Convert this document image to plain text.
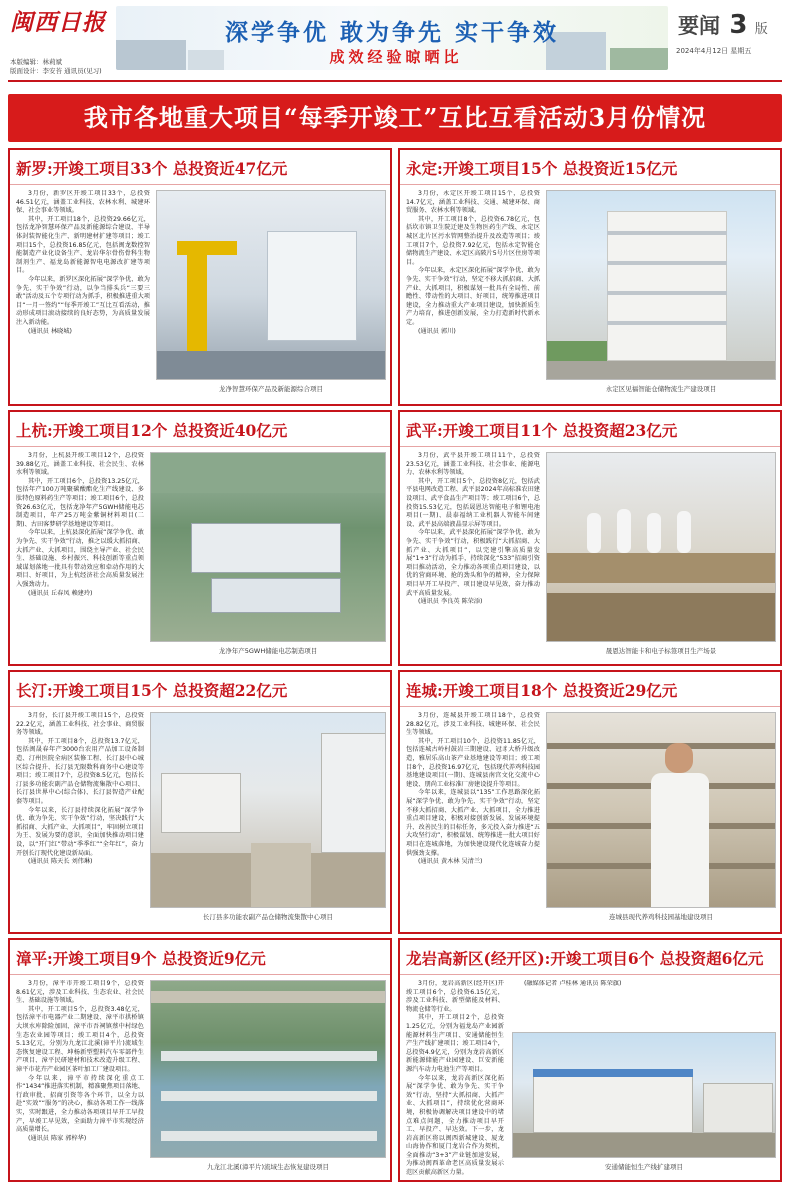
闽西日报
本版编辑：林莉斌
版面设计：李安苔 通讯员(见习)
深学争优 敢为争先 实干争效
成效经验晾晒比
要闻 3 版
2024年4月12日 星期五
我市各地重大项目“每季开竣工”互比互看活动3月份情况
新罗:开竣工项目33个 总投资近47亿元

3月份，新罗区开竣工项目33个，总投资46.51亿元，涵盖工业科技、农林水利、城建环保、社会事业等领域。

其中，开工项目18个，总投资29.66亿元，包括龙净智慧环保产品及新能源综合建设、半导体封装智能化生产、新明建材扩建等项目；竣工项目15个，总投资16.85亿元，包括闽龙数控智能制造产业化设备生产、龙岩华尔骨伤骨科生物制剂生产、福龙岛新能源智电电源改扩建等项目。

今年以来，新罗区深化拓展“深学争优、敢为争先、实干争效”行动，以争当排头兵“三要三敢”活动及五个专项行动为抓手，积极推进重大项目“一月一签约”“每季开竣工”互比互看活动，推动形成项目滚动接续的良好态势，为高质量发展注入新动能。

(通讯员 林晓城)

龙净智慧环保产品及新能源综合项目
永定:开竣工项目15个 总投资近15亿元

3月份，永定区开竣工项目15个，总投资14.7亿元，涵盖工业科技、交通、城建环保、商贸服务、农林水利等领域。

其中，开工项目8个，总投资6.78亿元，包括坎市镇卫生院迁建及生物医药生产线、永定区城区北片区污水管网整治提升及改造等项目；竣工项目7个，总投资7.92亿元，包括永定智能仓储物流生产建设、永定区高陂片5号片区住房等项目。

今年以来，永定区深化拓展“深学争优、敢为争先、实干争效”行动，坚定不移大抓招商、大抓产业、大抓项目，积极谋划一批具有全局性、前瞻性、带动性的大项目、好项目，统筹推进项目建设，全力推动重大产业项目建设，加快新质生产力培育，推进创新发展，全力打造新时代新永定。

(通讯员 郭川)

永定区见福智能仓储物流生产建设项目
上杭:开竣工项目12个 总投资近40亿元

3月份，上杭县开竣工项目12个，总投资39.88亿元，涵盖工业科技、社会民生、农林水利等领域。

其中，开工项目6个，总投资13.25亿元，包括年产100万吨聚碳酸酯化生产线建设、多肽特色原料药生产等项目；竣工项目6个，总投资26.63亿元，包括龙净年产5GWH储能电芯制造项目，年产25万吨金紫铜材料项目(二期)、古田客梦研学基地建设等项目。

今年以来，上杭县深化拓展“深学争优、敢为争先、实干争效”行动，推之以缓大抓招商、大抓产业、大抓项目，围绕主导产业、社会民生、基础设施、乡村振兴、科技创新等重点领域谋划落地一批具有带动效应和牵动作用的大项目、好项目，为上杭经济社会高质量发展注入强劲动力。

(通讯员 丘春凤 赖建玲)

龙净年产5GWH储能电芯制造项目
武平:开竣工项目11个 总投资超23亿元

3月份，武平县开竣工项目11个，总投资23.53亿元，涵盖工业科技、社会事业、能源电力、农林水利等领域。

其中，开工项目5个，总投资8亿元，包括武平县电网改造工程、武平县2024年高标准农田建设项目、武平食品生产项目等；竣工项目6个，总投资15.53亿元，包括晟恩达智能电子和锂电池项目(一期)、晨泰福纳工业机器人智能车间建设、武平县高端液晶显示屏等项目。

今年以来，武平县深化拓展“深学争优、敢为争先、实干争效”行动，积极践行“大抓招商、大抓产业、大抓项目”，以完建引擎高质量发展“1+3”行动为抓手，持续深化“533”招商引资项目推动活动，全力推动各项重点项目建设，以优的营商环境、抢的劲头和争的精神，全力保障项目早开工早投产、项目建设早见效，奋力推动武平高质量发展。

(通讯员 李良英 陈荣添)

晟恩达智能卡和电子标签项目生产场景
长汀:开竣工项目15个 总投资超22亿元

3月份，长汀县开竣工项目15个，总投资22.2亿元，涵盖工业科技、社会事业、商贸服务等领域。

其中，开工项目8个，总投资13.7亿元，包括闽晟春年产3000台农用产品加工设备制造、汀州医院全病区装修工程、长汀县中心城区综合提升、长汀县无限数科商务中心建设等项目；竣工项目7个，总投资8.5亿元，包括长汀县多功能农副产品仓储物流集散中心项目、长汀县世界中心(综合体)、长汀县智造产业配套等项目。

今年以来，长汀县持续深化拓展“深学争优、敢为争先、实干争效”行动，坚决践行“大抓招商、大抓产业、大抓项目”，牢固树立项目为王、发展为要的意识，全面加快推动项目建设，以“开门红”带动“季季红”“全年红”，奋力开创长汀现代化建设新局面。

(通讯员 陈天长 刘伟琳)

长汀县多功能农副产品仓储物流集散中心项目
连城:开竣工项目18个 总投资近29亿元

3月份，连城县开竣工项目18个，总投资28.82亿元，涉及工业科技、城建环保、社会民生等领域。

其中，开工项目10个，总投资11.85亿元，包括连城古岭村鼓岩三期建设、冠豸大桥升级改造，雅居乐高山茶产业基地建设等项目；竣工项目8个，总投资16.97亿元，包括现代养鸡科技园基地建设项目(一期)、连城县南宫文化交流中心建设、朋尚工业标准厂房建设提升等项目。

今年以来，连城县以“135”工作思路深化拓展“深学争优、敢为争先、实干争效”行动，坚定不移大抓招商、大抓产业、大抓项目，全力推进重点项目建设，积极对接创新发展、发展环境提升、改善民生的目标任务，多元投入奋力推进“五大攻坚行动”，积极谋划、统筹推进一批大项目好项目在连城落地，为加快建设现代化连城奋力提供强劲支撑。

(通讯员 黄木林 吴清兰)

连城县现代养鸡科技园基地建设项目
漳平:开竣工项目9个 总投资近9亿元

3月份，漳平市开竣工项目9个，总投资8.61亿元，涉及工业科技、生态农业、社会民生、基础设施等领域。

其中，开工项目5个，总投资3.48亿元，包括漳平市电器产业二期建设、漳平市拱桥镇大坝水库除险加固、漳平市吾祠镇蔡中村绿色生态农业园等项目；竣工项目4个，总投资5.13亿元，分别为九龙江北溪(漳平片)流域生态恢复建设工程、坤杨新型塑料汽车零部件生产项目、漳平民研建材和技术改造升级工程、漳平市花卉产业园区茶叶加工厂建设项目。

今年以来，漳平市持续深化重点工作“1434”推进落实机制，精准聚焦项目落地、行政审批、招商引资等各个环节，以全力以赴“实效”“服务”的决心，推动各项工作一线落实，实时跟进，全力推动各项项目早开工早投产，早竣工早见效，全面助力漳平市实现经济高质量增长。

(通讯员 陈家 郭梓华)

九龙江北溪(漳平片)流域生态恢复建设项目
龙岩高新区(经开区):开竣工项目6个 总投资超6亿元

3月份，龙岩高新区(经开区)开竣工项目6个，总投资6.15亿元，涉及工业科技、新型储能及材料、物流仓储等行业。

其中，开工项目2个，总投资1.25亿元，分别为福龙岛产业园新能源材料生产项目、安通储能恒生产生产线扩建项目；竣工项目4个，总投资4.9亿元，分别为龙岩高新区新能源储能产业园建设、巨安新能源汽车动力电池生产等项目。

今年以来，龙岩高新区深化拓展“深学争优、敢为争先、实干争效”行动，坚持“大抓招商、大抓产业、大抓项目”，持续优化营商环境，积极协调解决项目建设中的堵点难点问题，全力推动项目早开工、早投产、早达效。下一步，龙岩高新区将以闽西新城建设、厦龙山海协作和厦门龙岩合作为契机，全面推动“3+3”产业链加速发展，为推动闽西革命老区高质量发展示范区贡献高新区力量。

(融媒体记者 卢桂林 通讯员 陈荣旗)

安通储能恒生产线扩建项目
